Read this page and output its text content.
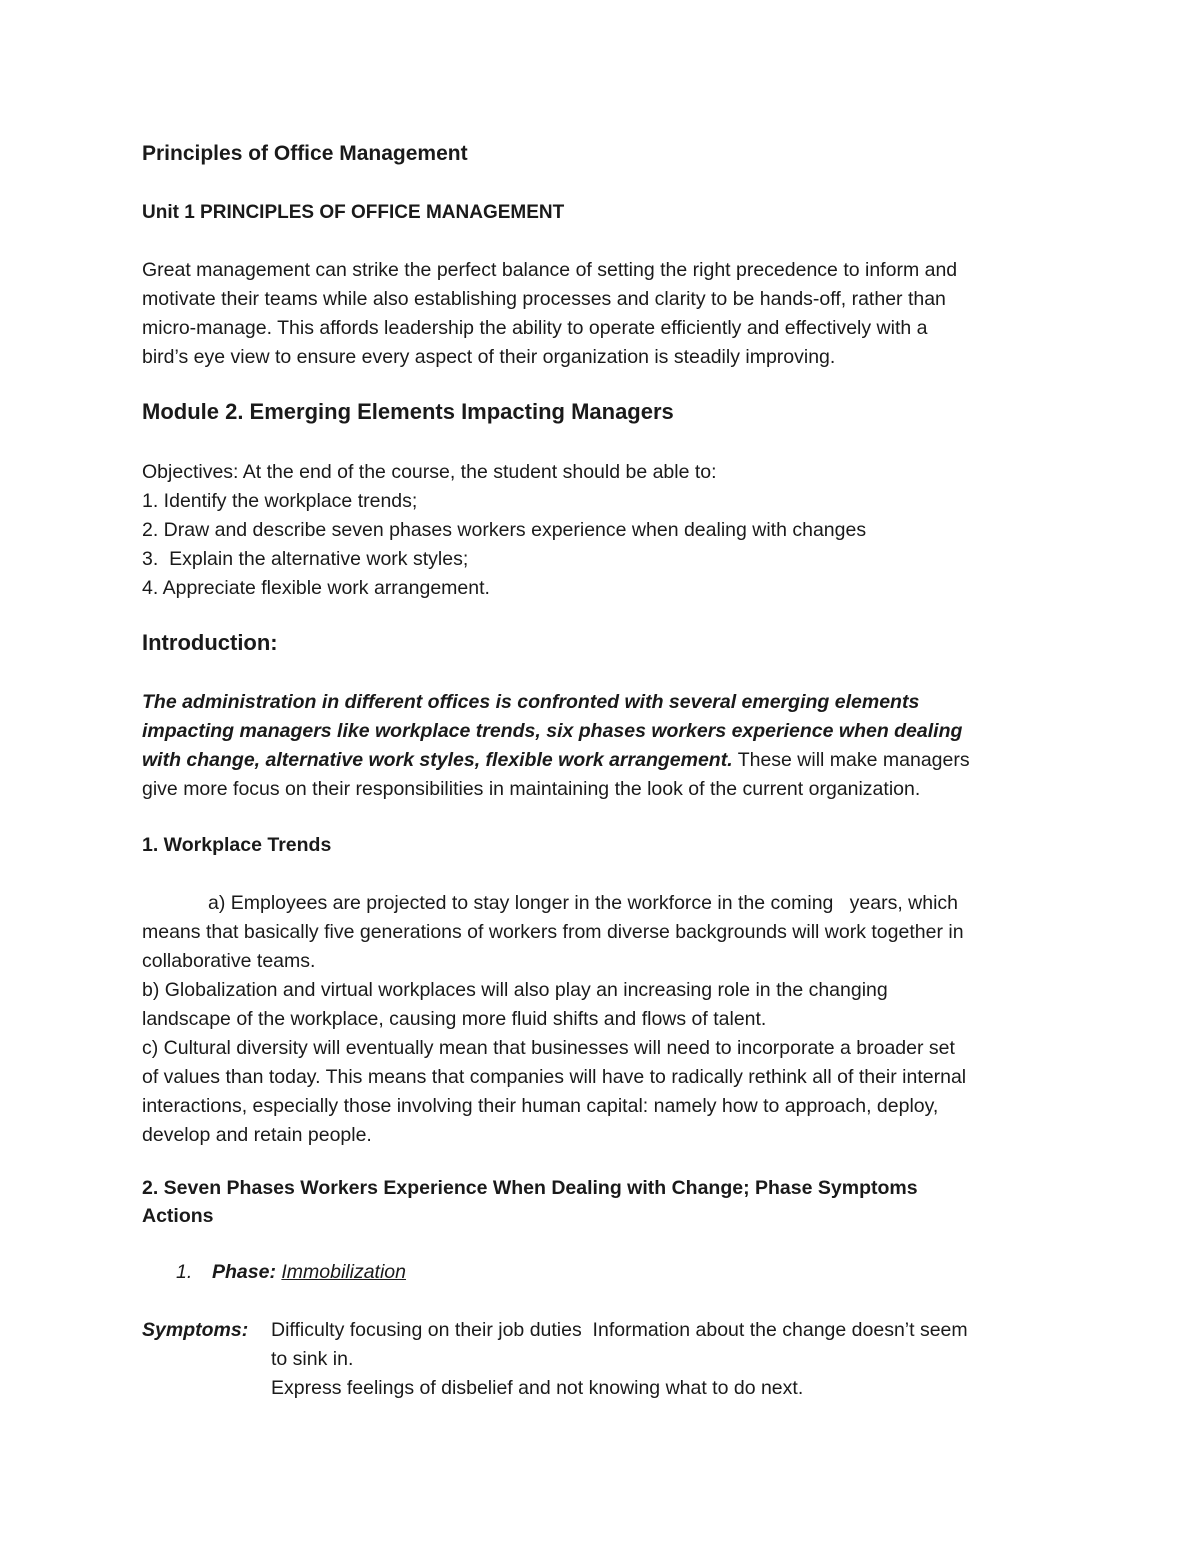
Principles of Office Management
Unit 1 PRINCIPLES OF OFFICE MANAGEMENT
Great management can strike the perfect balance of setting the right precedence to inform and
motivate their teams while also establishing processes and clarity to be hands-off, rather than
micro-manage. This affords leadership the ability to operate efficiently and effectively with a
bird’s eye view to ensure every aspect of their organization is steadily improving.
Module 2. Emerging Elements Impacting Managers
Objectives: At the end of the course, the student should be able to:
1. Identify the workplace trends;
2. Draw and describe seven phases workers experience when dealing with changes
3.  Explain the alternative work styles;
4. Appreciate flexible work arrangement.
Introduction:
The administration in different offices is confronted with several emerging elements
impacting managers like workplace trends, six phases workers experience when dealing
with change, alternative work styles, flexible work arrangement. These will make managers
give more focus on their responsibilities in maintaining the look of the current organization.
1. Workplace Trends
a) Employees are projected to stay longer in the workforce in the coming   years, which
means that basically five generations of workers from diverse backgrounds will work together in
collaborative teams.
b) Globalization and virtual workplaces will also play an increasing role in the changing
landscape of the workplace, causing more fluid shifts and flows of talent.
c) Cultural diversity will eventually mean that businesses will need to incorporate a broader set
of values than today. This means that companies will have to radically rethink all of their internal
interactions, especially those involving their human capital: namely how to approach, deploy,
develop and retain people.
2. Seven Phases Workers Experience When Dealing with Change; Phase Symptoms
Actions
1. Phase: Immobilization
Symptoms: Difficulty focusing on their job duties  Information about the change doesn’t seem
to sink in.
Express feelings of disbelief and not knowing what to do next.
